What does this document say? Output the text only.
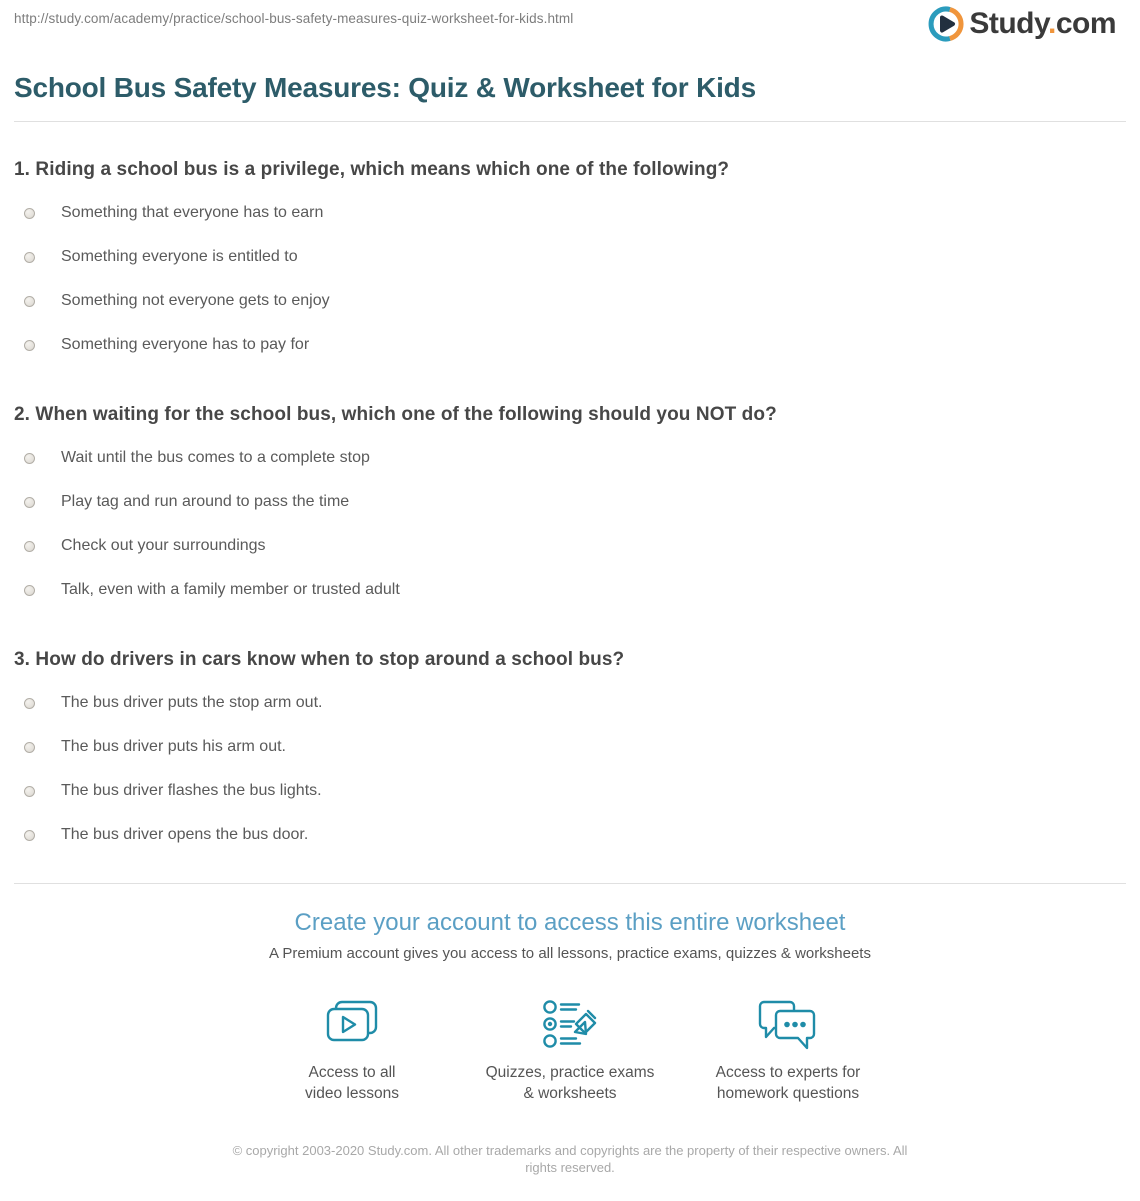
http://study.com/academy/practice/school-bus-safety-measures-quiz-worksheet-for-kids.html	Study.com
School Bus Safety Measures: Quiz & Worksheet for Kids
1. Riding a school bus is a privilege, which means which one of the following?
Something that everyone has to earn
Something everyone is entitled to
Something not everyone gets to enjoy
Something everyone has to pay for
2. When waiting for the school bus, which one of the following should you NOT do?
Wait until the bus comes to a complete stop
Play tag and run around to pass the time
Check out your surroundings
Talk, even with a family member or trusted adult
3. How do drivers in cars know when to stop around a school bus?
The bus driver puts the stop arm out.
The bus driver puts his arm out.
The bus driver flashes the bus lights.
The bus driver opens the bus door.
Create your account to access this entire worksheet
A Premium account gives you access to all lessons, practice exams, quizzes & worksheets
Access to all
video lessons
Quizzes, practice exams
& worksheets
Access to experts for
homework questions
© copyright 2003-2020 Study.com. All other trademarks and copyrights are the property of their respective owners. All rights reserved.
